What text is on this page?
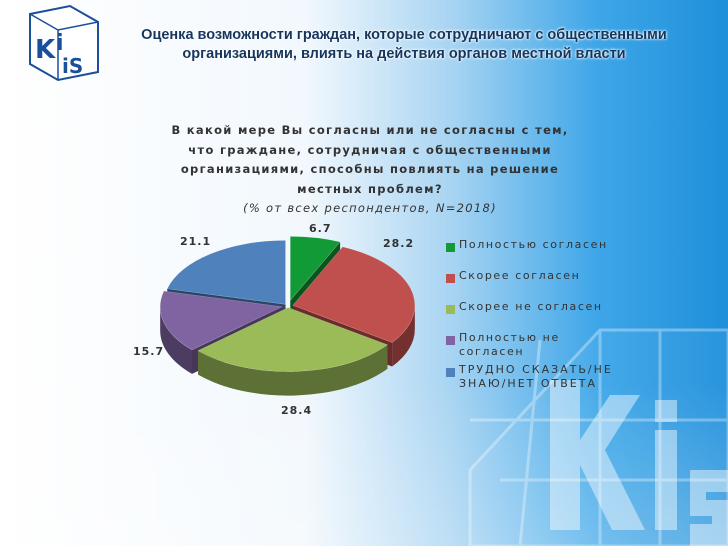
K i
iS
Оценка возможности граждан, которые сотрудничают с общественными
организациями, влиять на действия органов местной власти
В какой мере Вы согласны или не согласны с тем, что граждане, сотрудничая с общественными организациями, способны повлиять на решение местных проблем?
(% от всех респондентов, N=2018)
6.7
28.2
28.4
15.7
21.1	Полностью согласен
Скорее согласен
Скорее не согласен
Полностью не согласен
ТРУДНО СКАЗАТЬ/НЕ ЗНАЮ/НЕТ ОТВЕТА
